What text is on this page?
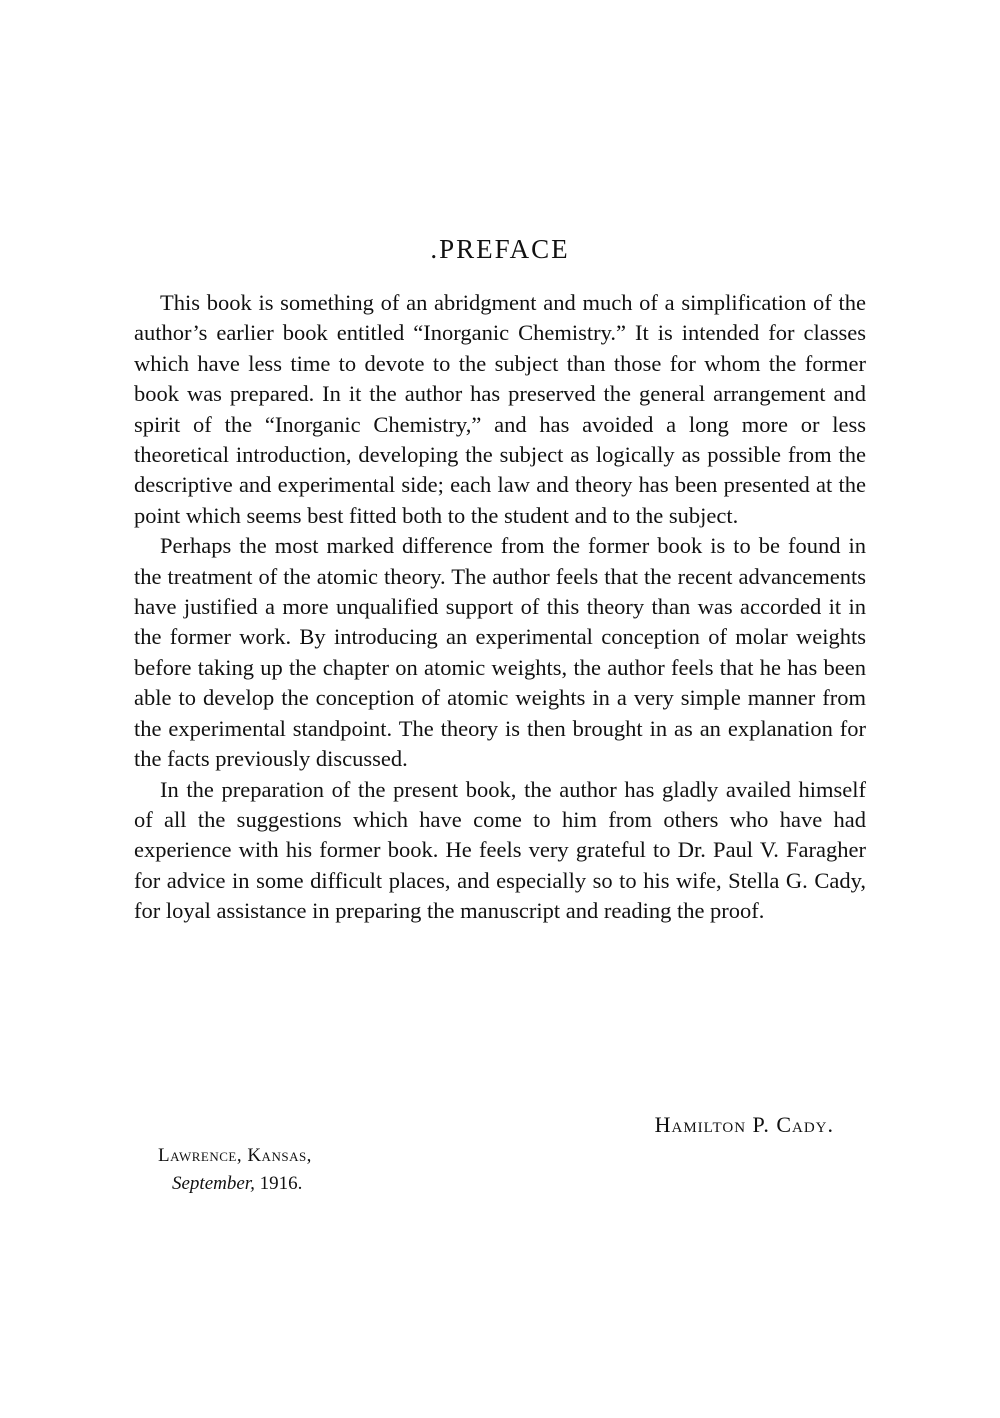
.PREFACE

This book is something of an abridgment and much of a simplification of the author’s earlier book entitled “Inorganic Chemistry.” It is intended for classes which have less time to devote to the subject than those for whom the former book was prepared. In it the author has preserved the general arrangement and spirit of the “Inorganic Chemistry,” and has avoided a long more or less theoretical introduction, developing the subject as logically as possible from the descriptive and experimental side; each law and theory has been presented at the point which seems best fitted both to the student and to the subject.

Perhaps the most marked difference from the former book is to be found in the treatment of the atomic theory. The author feels that the recent advancements have justified a more unqualified support of this theory than was accorded it in the former work. By introducing an experimental conception of molar weights before taking up the chapter on atomic weights, the author feels that he has been able to develop the conception of atomic weights in a very simple manner from the experimental standpoint. The theory is then brought in as an explanation for the facts previously discussed.

In the preparation of the present book, the author has gladly availed himself of all the suggestions which have come to him from others who have had experience with his former book. He feels very grateful to Dr. Paul V. Faragher for advice in some difficult places, and especially so to his wife, Stella G. Cady, for loyal assistance in preparing the manuscript and reading the proof.

Hamilton P. Cady.

Lawrence, Kansas,
September, 1916.
